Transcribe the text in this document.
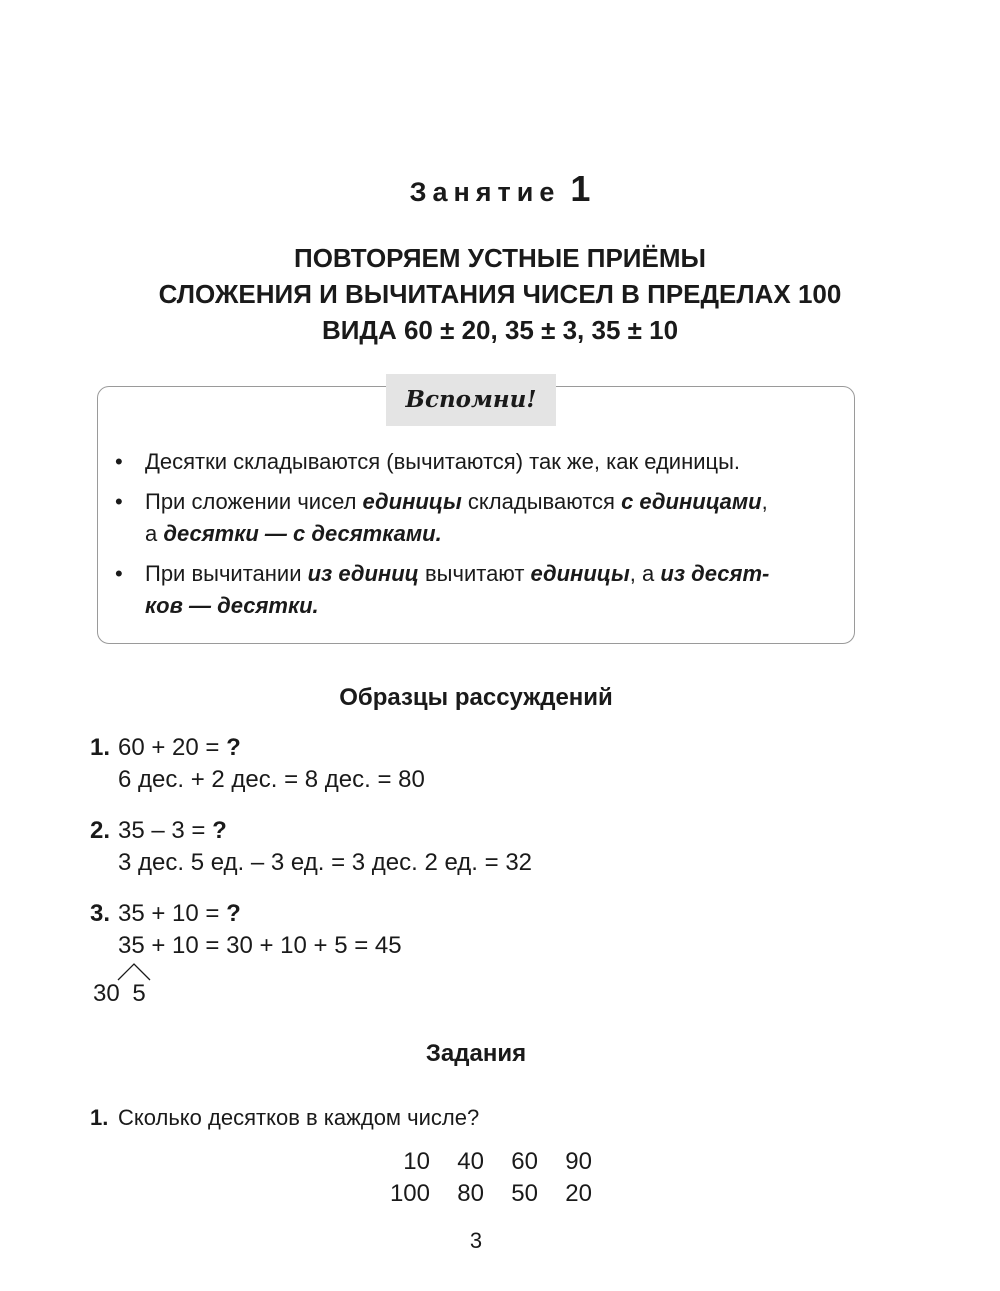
Занятие 1
ПОВТОРЯЕМ УСТНЫЕ ПРИЁМЫ
СЛОЖЕНИЯ И ВЫЧИТАНИЯ ЧИСЕЛ В ПРЕДЕЛАХ 100
ВИДА 60 ± 20, 35 ± 3, 35 ± 10
Вспомни!
• Десятки складываются (вычитаются) так же, как единицы.
• При сложении чисел единицы складываются с единицами,
а десятки — с десятками.
• При вычитании из единиц вычитают единицы, а из десят-
ков — десятки.
Образцы рассуждений
1. 60 + 20 = ?
6 дес. + 2 дес. = 8 дес. = 80
2. 35 – 3 = ?
3 дес. 5 ед. – 3 ед. = 3 дес. 2 ед. = 32
3. 35 + 10 = ?
35 + 10 = 30 + 10 + 5 = 45
30 5
Задания
1. Сколько десятков в каждом числе?
10 40 60 90
100 80 50 20
3
